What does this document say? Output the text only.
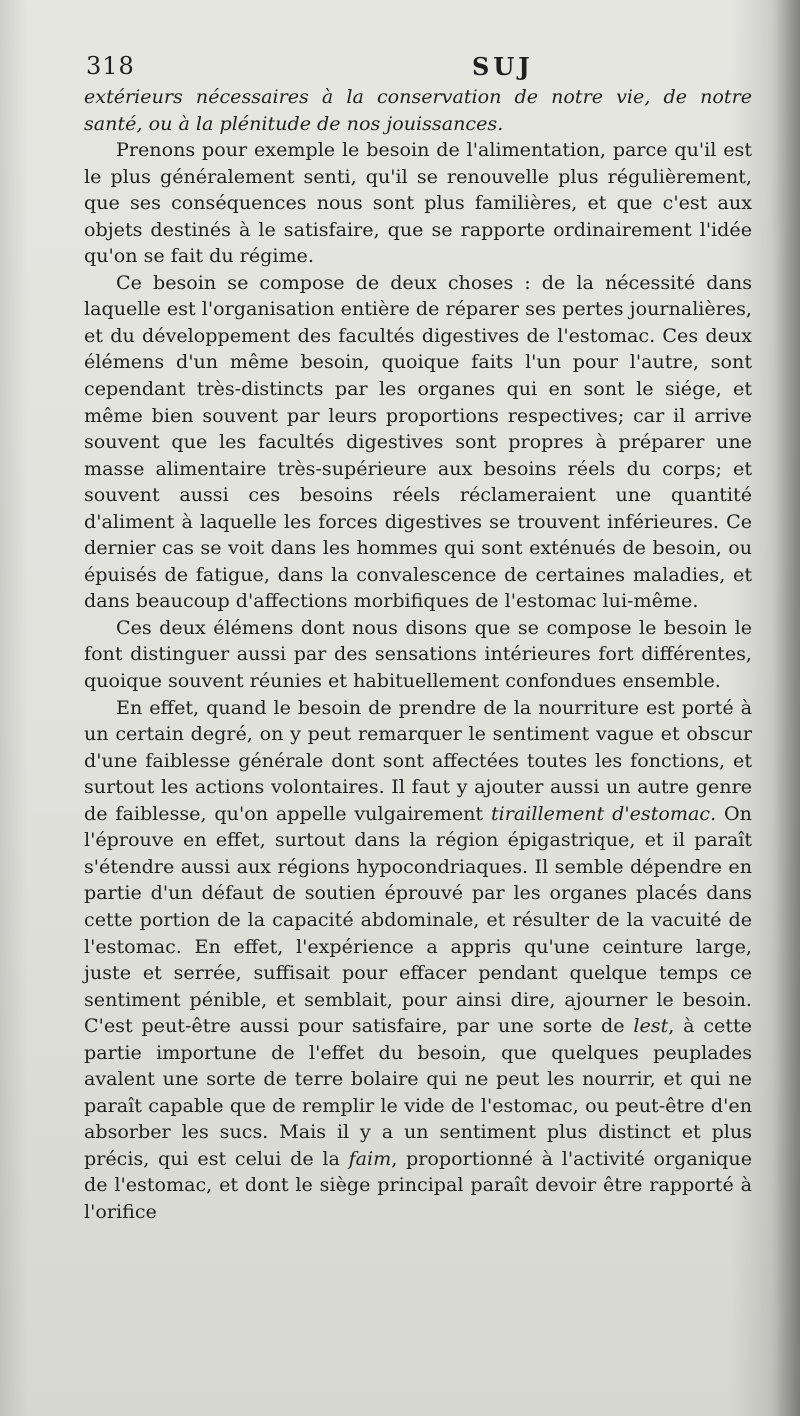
318	SUJ

extérieurs nécessaires à la conservation de notre vie, de notre santé, ou à la plénitude de nos jouissances.

Prenons pour exemple le besoin de l'alimentation, parce qu'il est le plus généralement senti, qu'il se renouvelle plus régulièrement, que ses conséquences nous sont plus familières, et que c'est aux objets destinés à le satisfaire, que se rapporte ordinairement l'idée qu'on se fait du régime.

Ce besoin se compose de deux choses : de la nécessité dans laquelle est l'organisation entière de réparer ses pertes journalières, et du développement des facultés digestives de l'estomac. Ces deux élémens d'un même besoin, quoique faits l'un pour l'autre, sont cependant très-distincts par les organes qui en sont le siége, et même bien souvent par leurs proportions respectives; car il arrive souvent que les facultés digestives sont propres à préparer une masse alimentaire très-supérieure aux besoins réels du corps; et souvent aussi ces besoins réels réclameraient une quantité d'aliment à laquelle les forces digestives se trouvent inférieures. Ce dernier cas se voit dans les hommes qui sont exténués de besoin, ou épuisés de fatigue, dans la convalescence de certaines maladies, et dans beaucoup d'affections morbifiques de l'estomac lui-même.

Ces deux élémens dont nous disons que se compose le besoin le font distinguer aussi par des sensations intérieures fort différentes, quoique souvent réunies et habituellement confondues ensemble.

En effet, quand le besoin de prendre de la nourriture est porté à un certain degré, on y peut remarquer le sentiment vague et obscur d'une faiblesse générale dont sont affectées toutes les fonctions, et surtout les actions volontaires. Il faut y ajouter aussi un autre genre de faiblesse, qu'on appelle vulgairement tiraillement d'estomac. On l'éprouve en effet, surtout dans la région épigastrique, et il paraît s'étendre aussi aux régions hypocondriaques. Il semble dépendre en partie d'un défaut de soutien éprouvé par les organes placés dans cette portion de la capacité abdominale, et résulter de la vacuité de l'estomac. En effet, l'expérience a appris qu'une ceinture large, juste et serrée, suffisait pour effacer pendant quelque temps ce sentiment pénible, et semblait, pour ainsi dire, ajourner le besoin. C'est peut-être aussi pour satisfaire, par une sorte de lest, à cette partie importune de l'effet du besoin, que quelques peuplades avalent une sorte de terre bolaire qui ne peut les nourrir, et qui ne paraît capable que de remplir le vide de l'estomac, ou peut-être d'en absorber les sucs. Mais il y a un sentiment plus distinct et plus précis, qui est celui de la faim, proportionné à l'activité organique de l'estomac, et dont le siège principal paraît devoir être rapporté à l'orifice
